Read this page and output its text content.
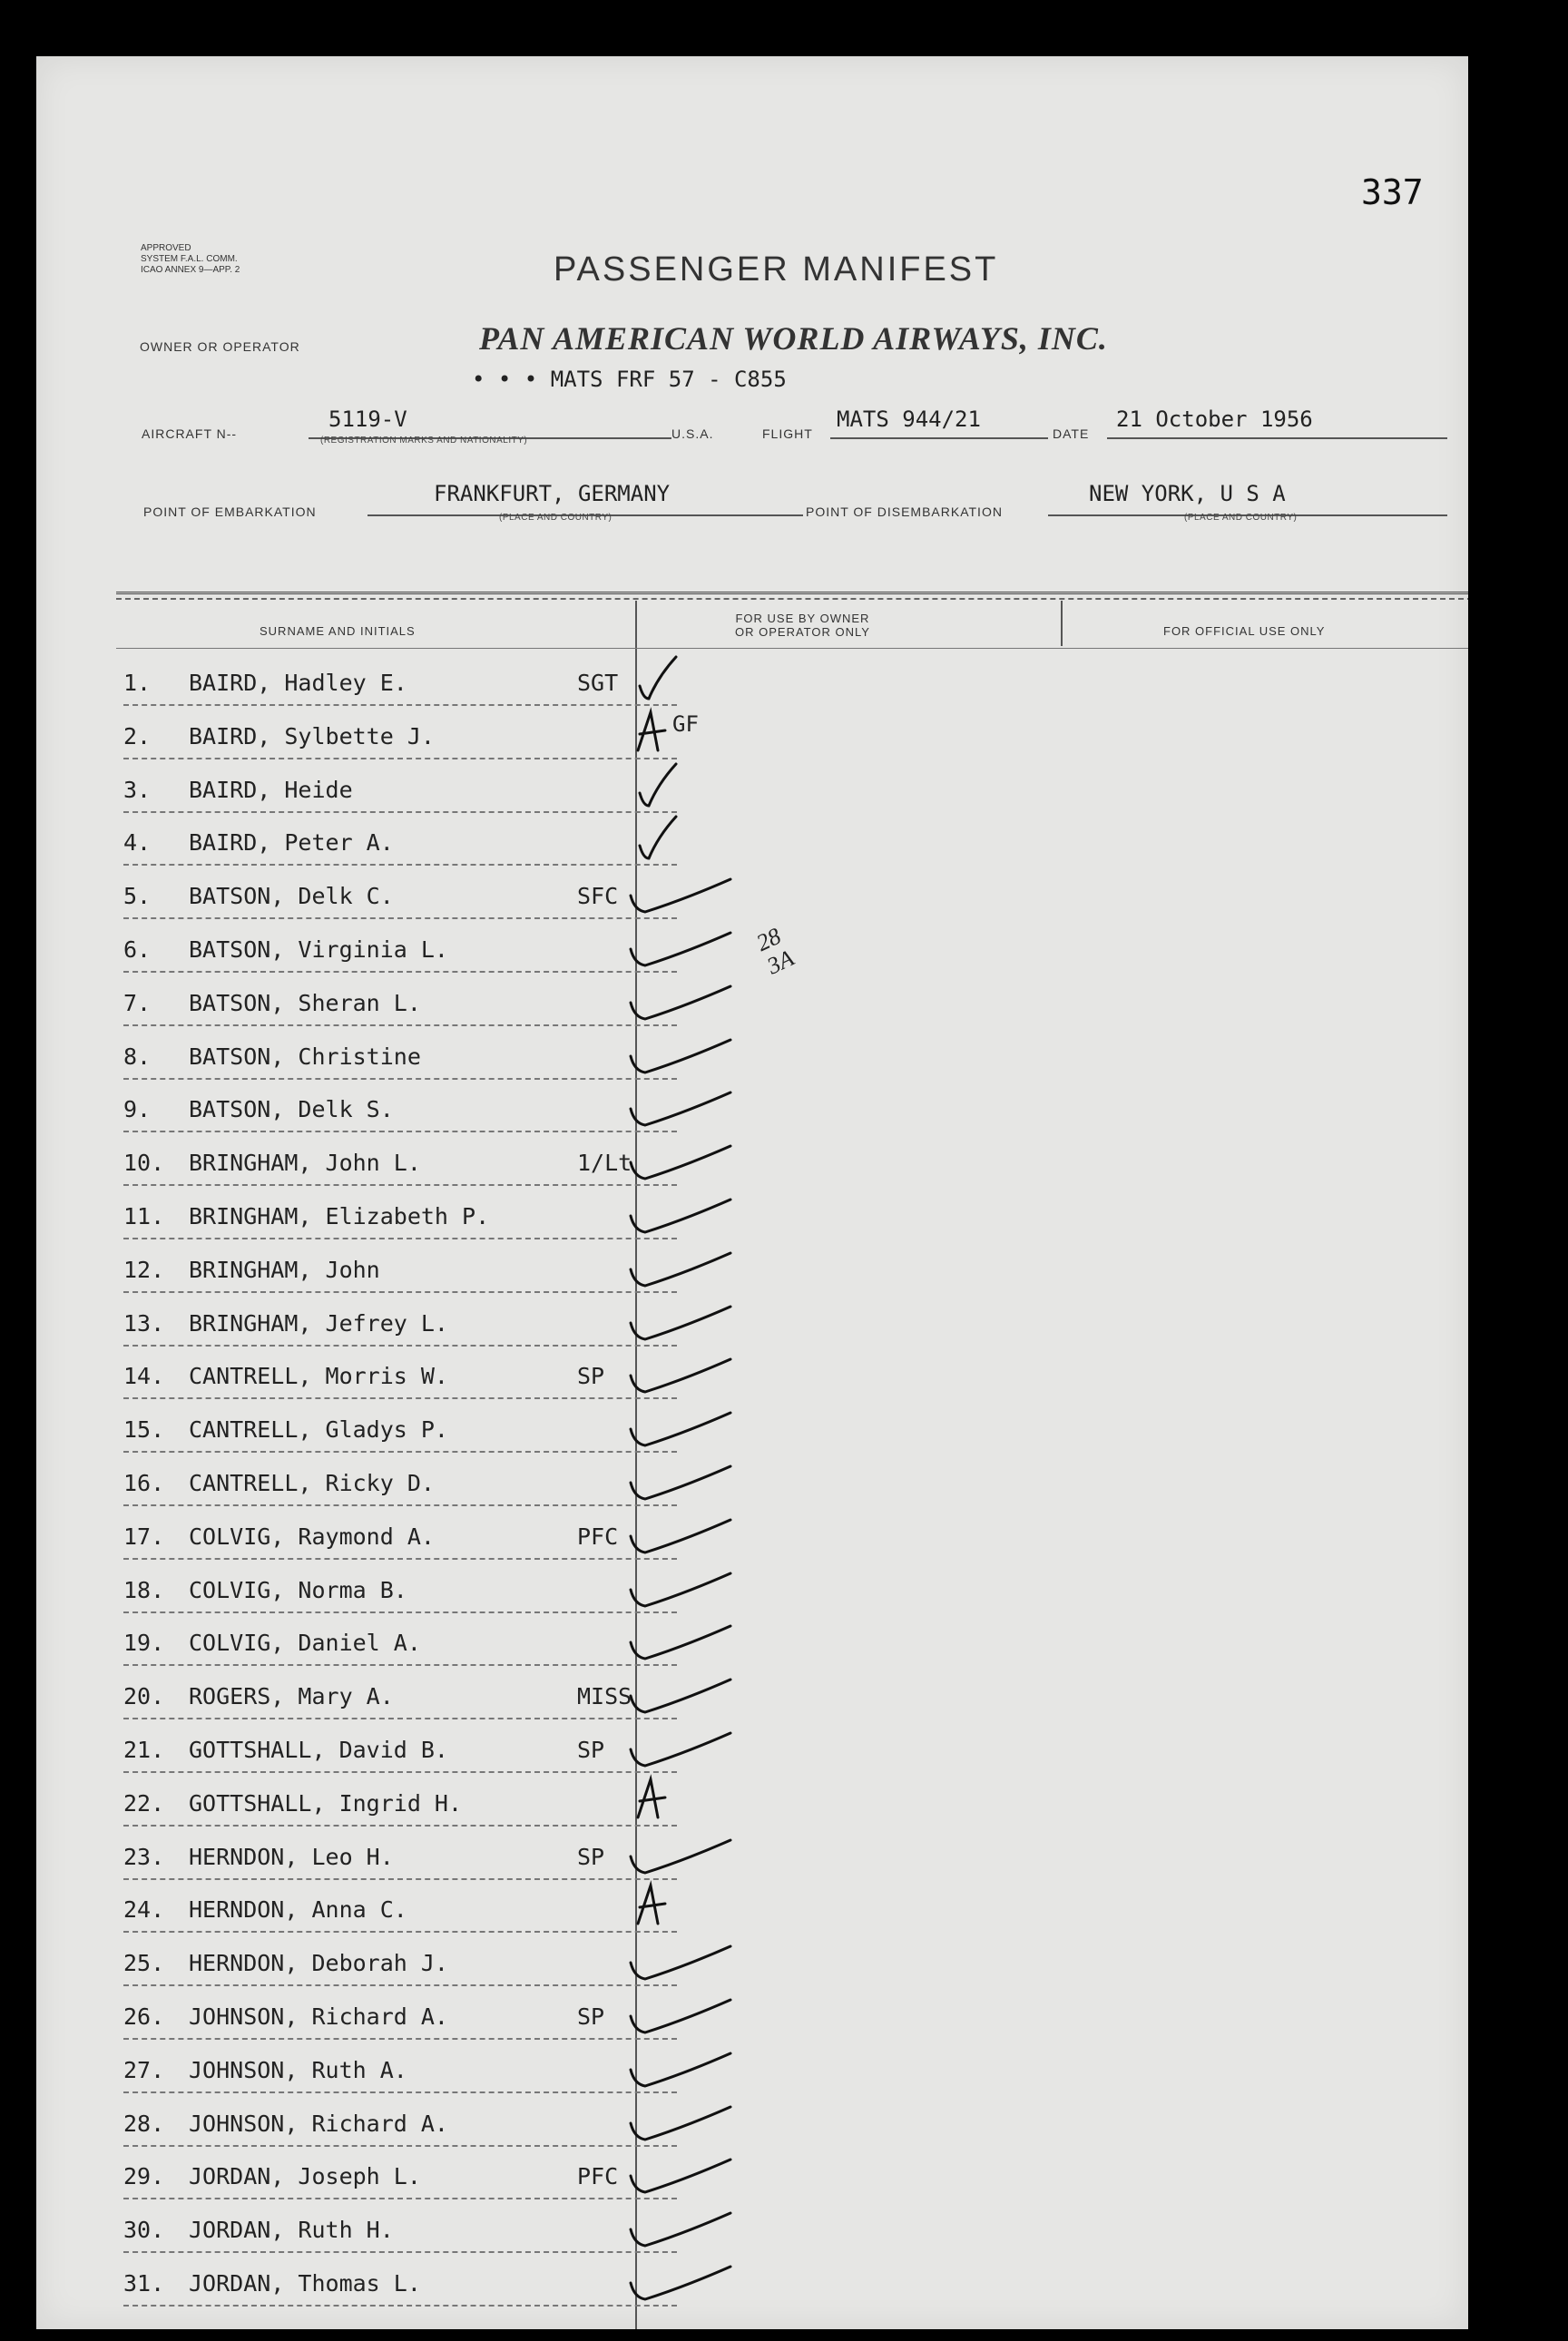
337
APPROVED
SYSTEM F.A.L. COMM.
ICAO ANNEX 9—APP. 2	PASSENGER MANIFEST
OWNER OR OPERATOR	PAN AMERICAN WORLD AIRWAYS, INC.
• • • MATS FRF 57 - C855
AIRCRAFT N--
5119-V
(REGISTRATION MARKS AND NATIONALITY)	U.S.A.	FLIGHT
MATS 944/21
DATE
21 October 1956
POINT OF EMBARKATION
FRANKFURT, GERMANY
(PLACE AND COUNTRY)	POINT OF DISEMBARKATION
NEW YORK, U S A
(PLACE AND COUNTRY)
SURNAME AND INITIALS
FOR USE BY OWNER
OR OPERATOR ONLY	FOR OFFICIAL USE ONLY
GF
28
3A
1. BAIRD, Hadley E.	SGT
2. BAIRD, Sylbette J.
3. BAIRD, Heide
4. BAIRD, Peter A.
5. BATSON, Delk C.	SFC
6. BATSON, Virginia L.
7. BATSON, Sheran L.
8. BATSON, Christine
9. BATSON, Delk S.
10. BRINGHAM, John L.	1/Lt
11. BRINGHAM, Elizabeth P.
12. BRINGHAM, John
13. BRINGHAM, Jefrey L.
14. CANTRELL, Morris W.	SP
15. CANTRELL, Gladys P.
16. CANTRELL, Ricky D.
17. COLVIG, Raymond A.	PFC
18. COLVIG, Norma B.
19. COLVIG, Daniel A.
20. ROGERS, Mary A.	MISS
21. GOTTSHALL, David B.	SP
22. GOTTSHALL, Ingrid H.
23. HERNDON, Leo H.	SP
24. HERNDON, Anna C.
25. HERNDON, Deborah J.
26. JOHNSON, Richard A.	SP
27. JOHNSON, Ruth A.
28. JOHNSON, Richard A.
29. JORDAN, Joseph L.	PFC
30. JORDAN, Ruth H.
31. JORDAN, Thomas L.
